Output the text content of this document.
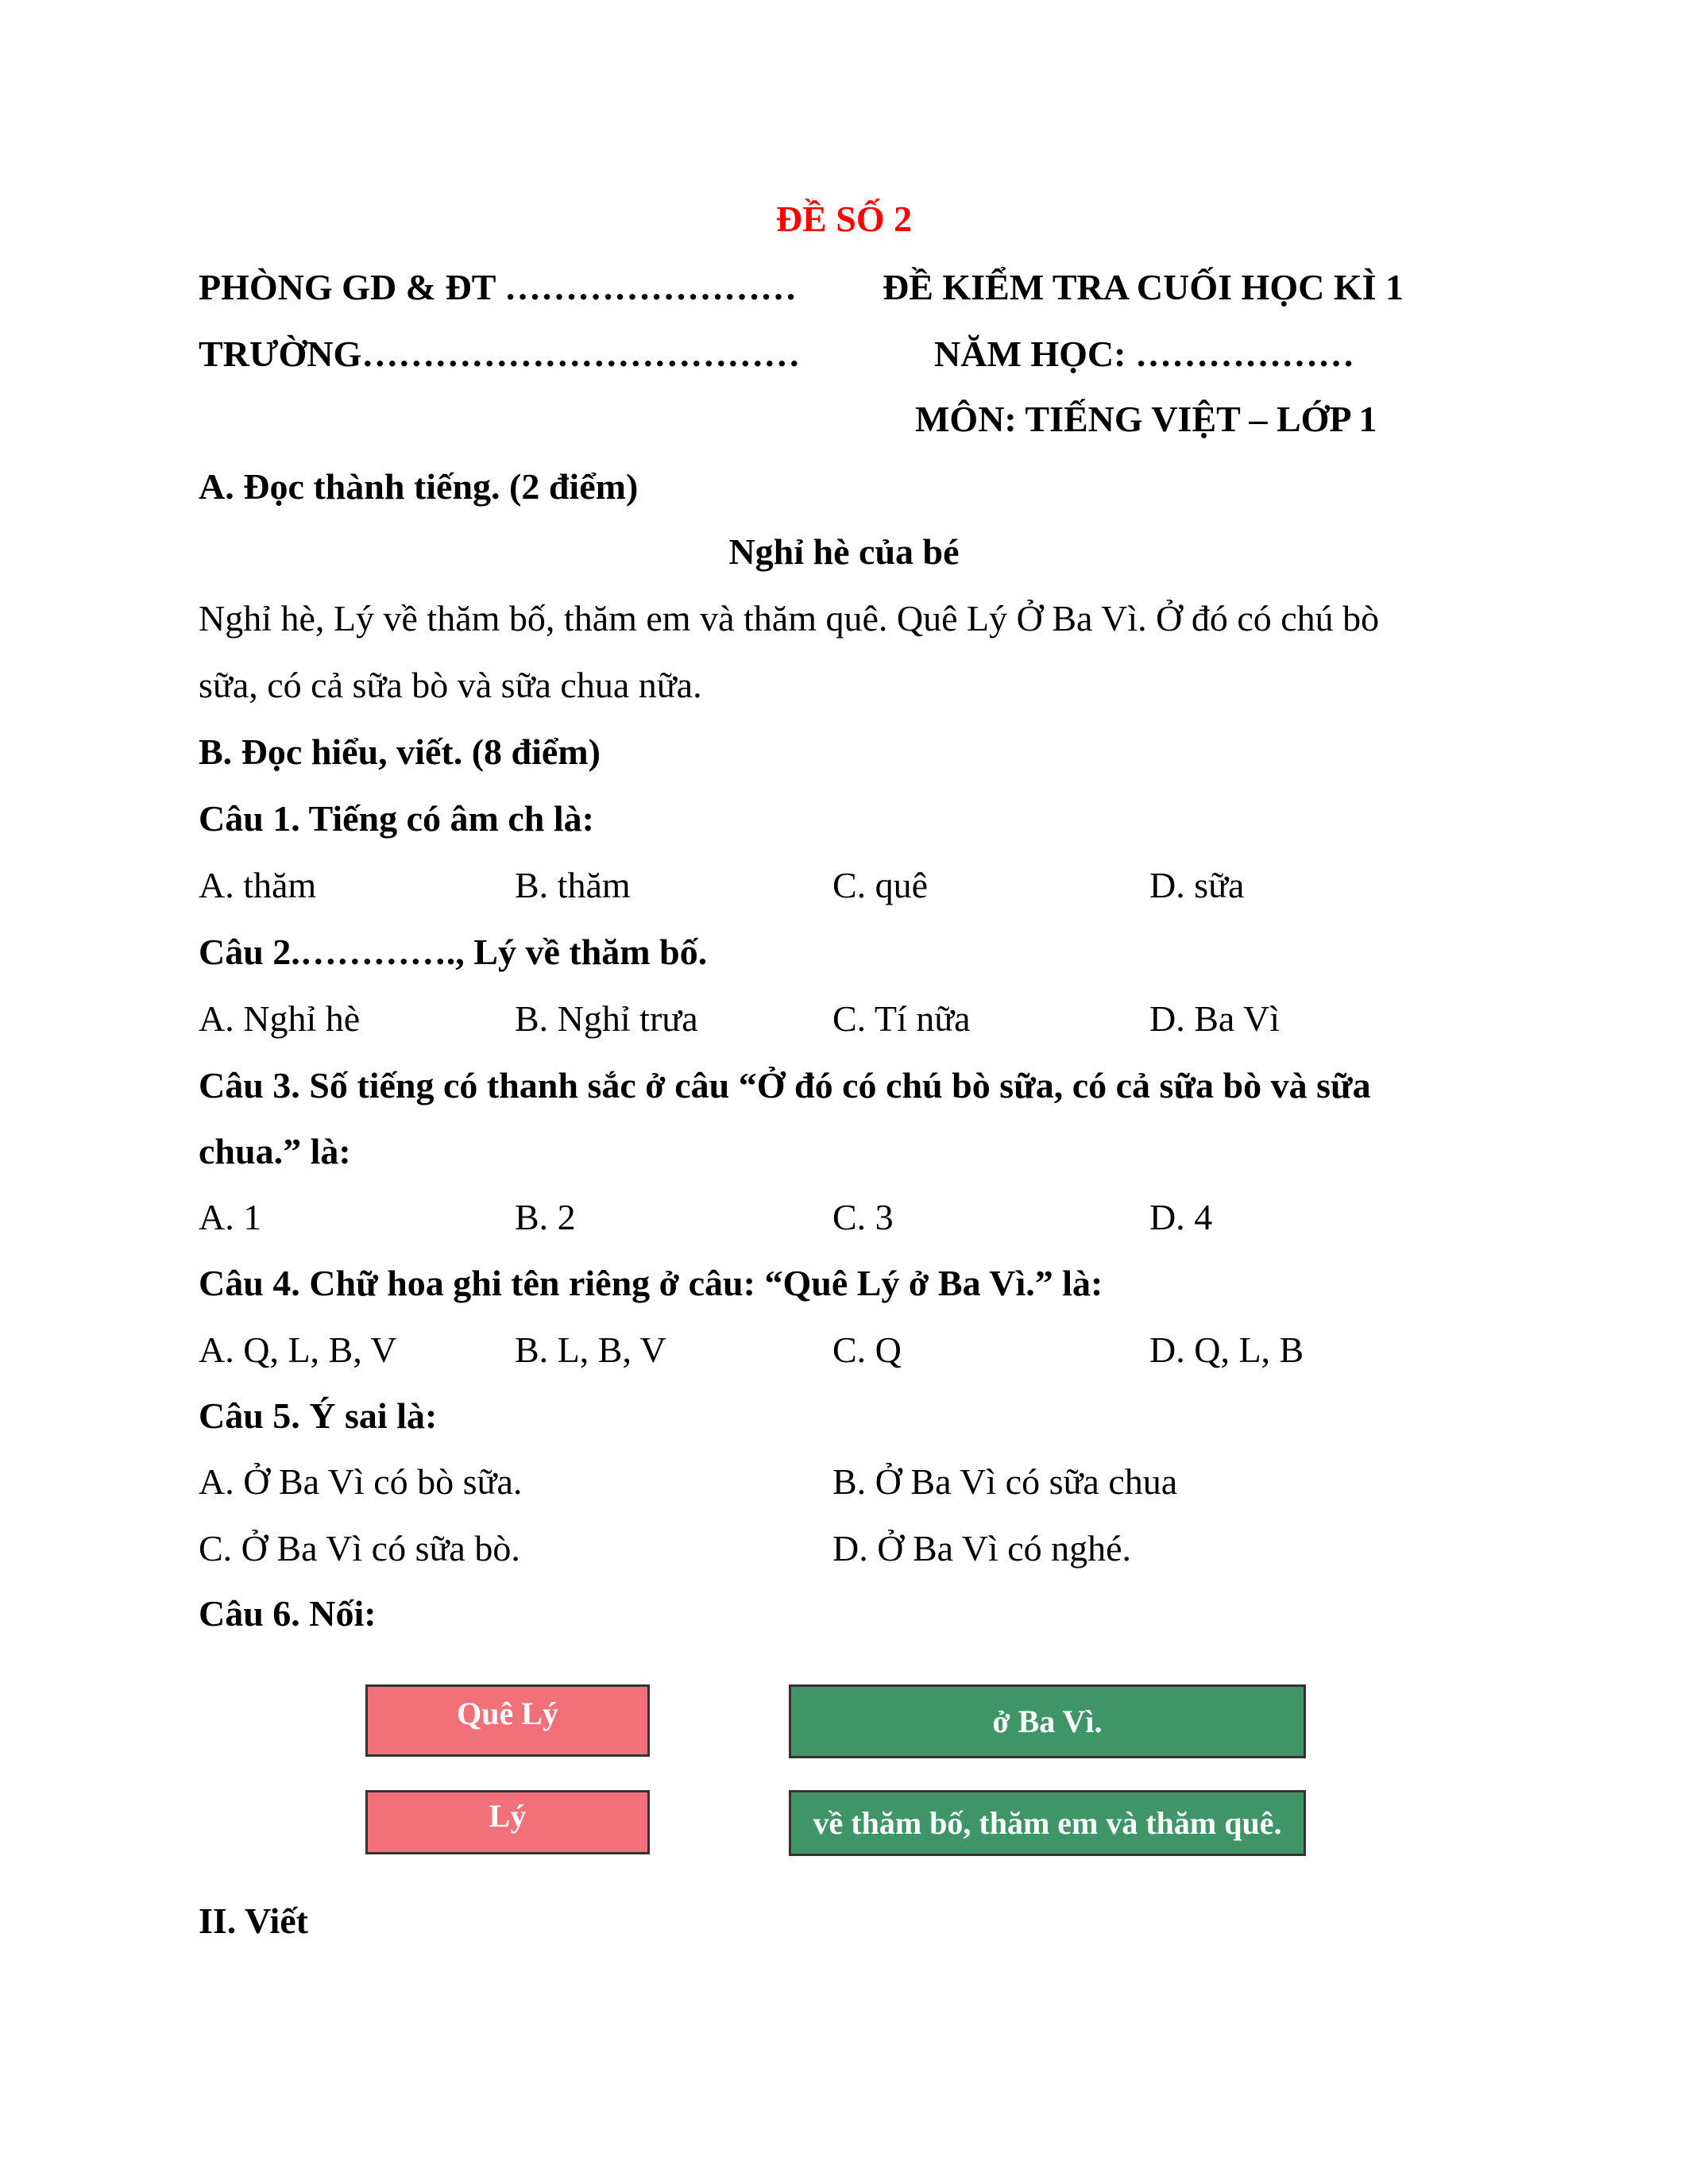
ĐỀ SỐ 2
PHÒNG GD & ĐT …………………… ĐỀ KIỂM TRA CUỐI HỌC KÌ 1
TRƯỜNG………………………………	NĂM HỌC: ………………
MÔN: TIẾNG VIỆT – LỚP 1
A. Đọc thành tiếng. (2 điểm)
Nghỉ hè của bé
Nghỉ hè, Lý về thăm bố, thăm em và thăm quê. Quê Lý Ở Ba Vì. Ở đó có chú bò
sữa, có cả sữa bò và sữa chua nữa.
B. Đọc hiểu, viết. (8 điểm)
Câu 1. Tiếng có âm ch là:
A. thăm	B. thăm	C. quê	D. sữa
Câu 2.…………., Lý về thăm bố.
A. Nghỉ hè	B. Nghỉ trưa	C. Tí nữa	D. Ba Vì
Câu 3. Số tiếng có thanh sắc ở câu “Ở đó có chú bò sữa, có cả sữa bò và sữa
chua.” là:
A. 1	B. 2	C. 3	D. 4
Câu 4. Chữ hoa ghi tên riêng ở câu: “Quê Lý ở Ba Vì.” là:
A. Q, L, B, V	B. L, B, V	C. Q	D. Q, L, B
Câu 5. Ý sai là:
A. Ở Ba Vì có bò sữa.	B. Ở Ba Vì có sữa chua
C. Ở Ba Vì có sữa bò.	D. Ở Ba Vì có nghé.
Câu 6. Nối:
Quê Lý
Lý
ở Ba Vì.
về thăm bố, thăm em và thăm quê.
II. Viết
